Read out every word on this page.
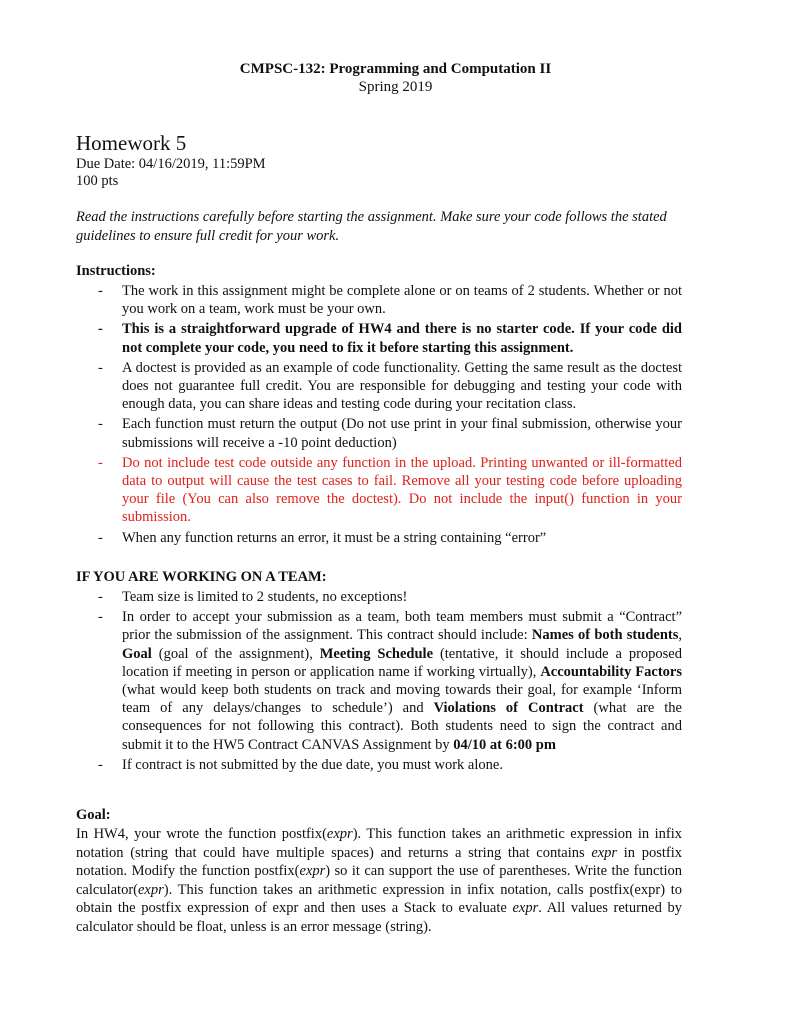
CMPSC-132: Programming and Computation II
Spring 2019
Homework 5
Due Date: 04/16/2019, 11:59PM
100 pts
Read the instructions carefully before starting the assignment. Make sure your code follows the stated guidelines to ensure full credit for your work.
Instructions:
- The work in this assignment might be complete alone or on teams of 2 students. Whether or not you work on a team, work must be your own.
- This is a straightforward upgrade of HW4 and there is no starter code. If your code did not complete your code, you need to fix it before starting this assignment.
- A doctest is provided as an example of code functionality. Getting the same result as the doctest does not guarantee full credit. You are responsible for debugging and testing your code with enough data, you can share ideas and testing code during your recitation class.
- Each function must return the output (Do not use print in your final submission, otherwise your submissions will receive a -10 point deduction)
- Do not include test code outside any function in the upload. Printing unwanted or ill-formatted data to output will cause the test cases to fail. Remove all your testing code before uploading your file (You can also remove the doctest). Do not include the input() function in your submission.
- When any function returns an error, it must be a string containing “error”
IF YOU ARE WORKING ON A TEAM:
- Team size is limited to 2 students, no exceptions!
- In order to accept your submission as a team, both team members must submit a “Contract” prior the submission of the assignment. This contract should include: Names of both students, Goal (goal of the assignment), Meeting Schedule (tentative, it should include a proposed location if meeting in person or application name if working virtually), Accountability Factors (what would keep both students on track and moving towards their goal, for example ‘Inform team of any delays/changes to schedule’) and Violations of Contract (what are the consequences for not following this contract). Both students need to sign the contract and submit it to the HW5 Contract CANVAS Assignment by 04/10 at 6:00 pm
- If contract is not submitted by the due date, you must work alone.
Goal:
In HW4, your wrote the function postfix(expr). This function takes an arithmetic expression in infix notation (string that could have multiple spaces) and returns a string that contains expr in postfix notation. Modify the function postfix(expr) so it can support the use of parentheses. Write the function calculator(expr). This function takes an arithmetic expression in infix notation, calls postfix(expr) to obtain the postfix expression of expr and then uses a Stack to evaluate expr. All values returned by calculator should be float, unless is an error message (string).
